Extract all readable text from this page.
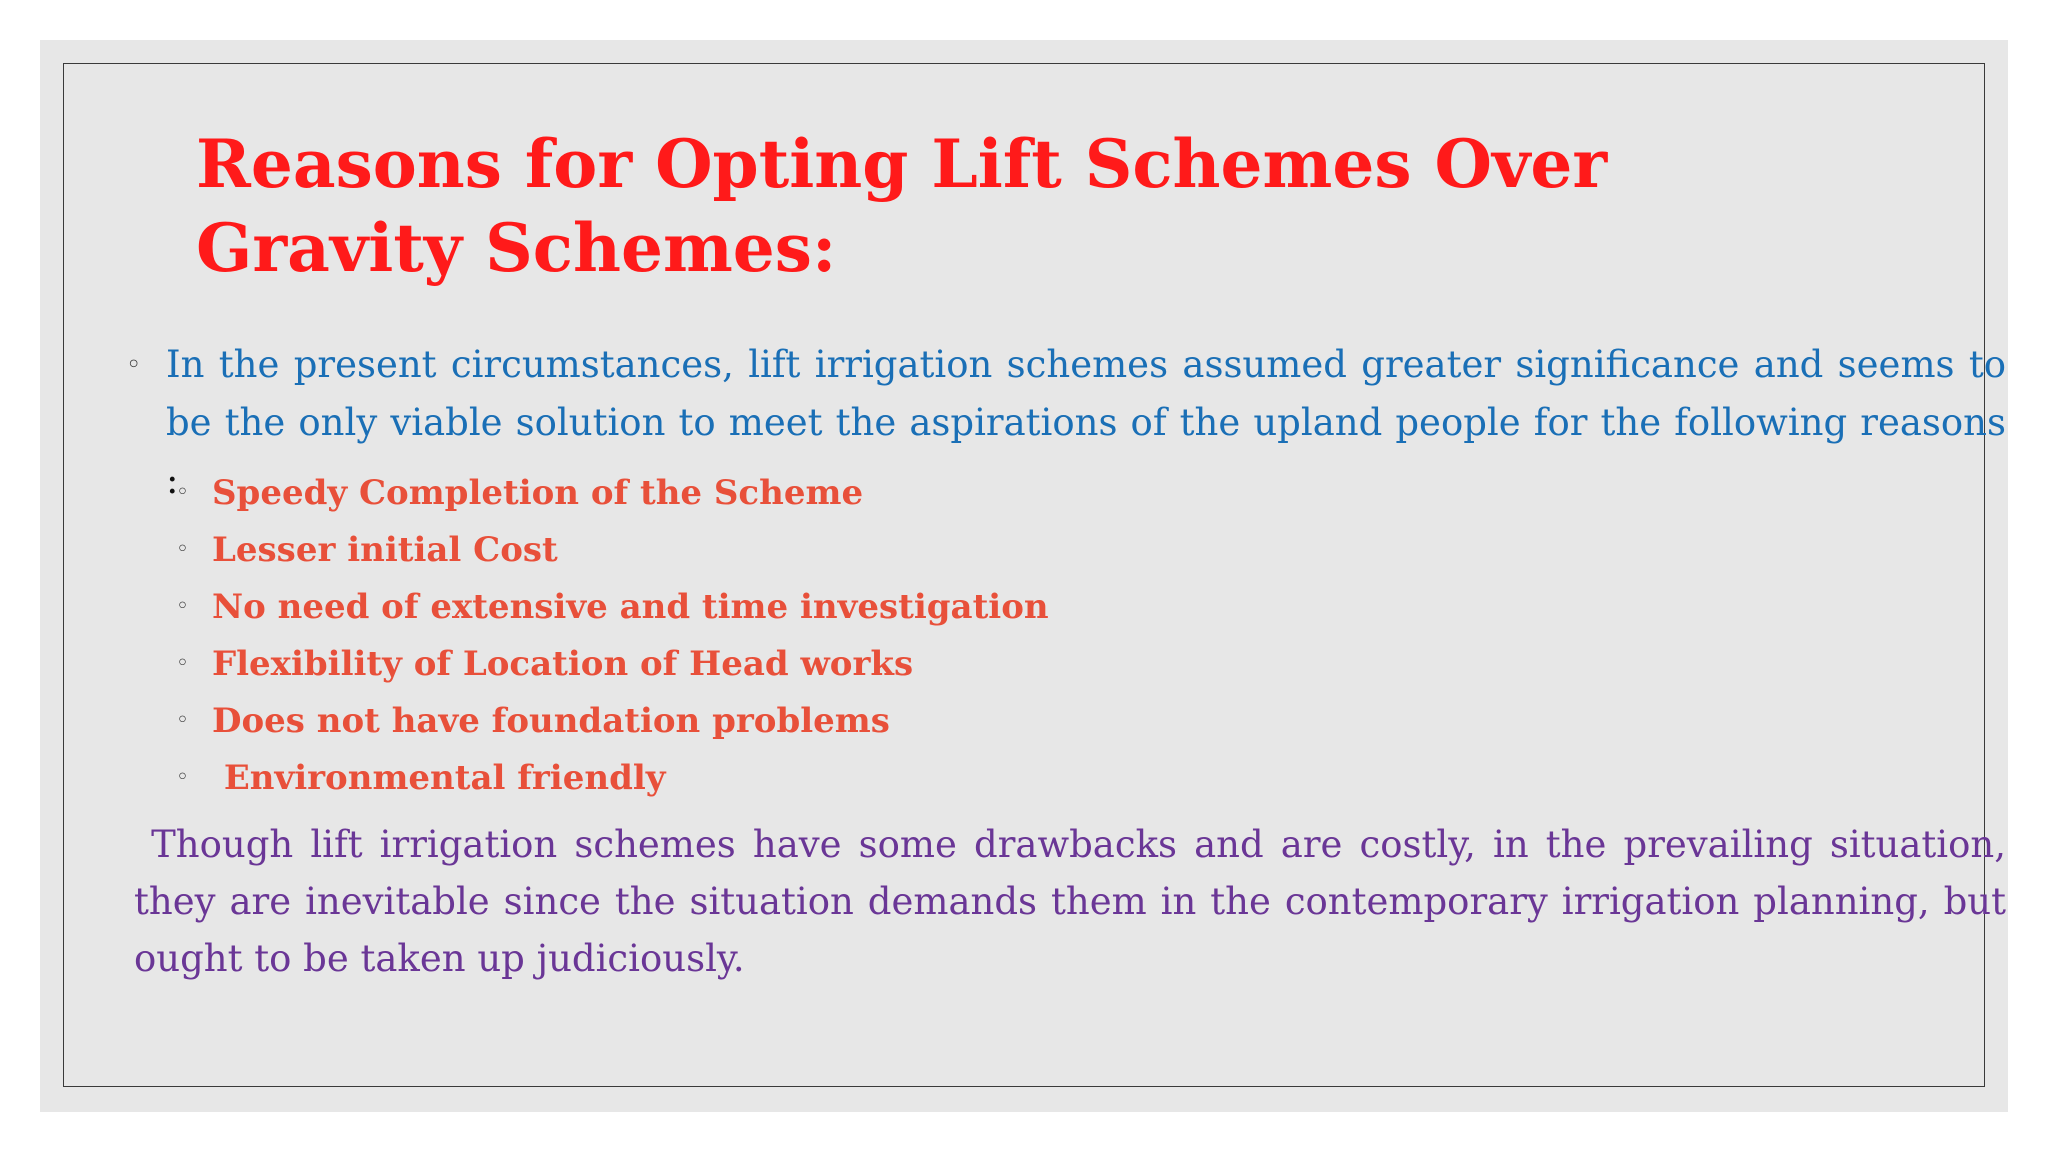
Reasons for Opting Lift Schemes Over Gravity Schemes:
◦ In the present circumstances, lift irrigation schemes assumed greater significance and seems to be the only viable solution to meet the aspirations of the upland people for the following reasons :
◦ Speedy Completion of the Scheme
◦ Lesser initial Cost
◦ No need of extensive and time investigation
◦ Flexibility of Location of Head works
◦ Does not have foundation problems
◦ Environmental friendly
Though lift irrigation schemes have some drawbacks and are costly, in the prevailing situation, they are inevitable since the situation demands them in the contemporary irrigation planning, but ought to be taken up judiciously.
